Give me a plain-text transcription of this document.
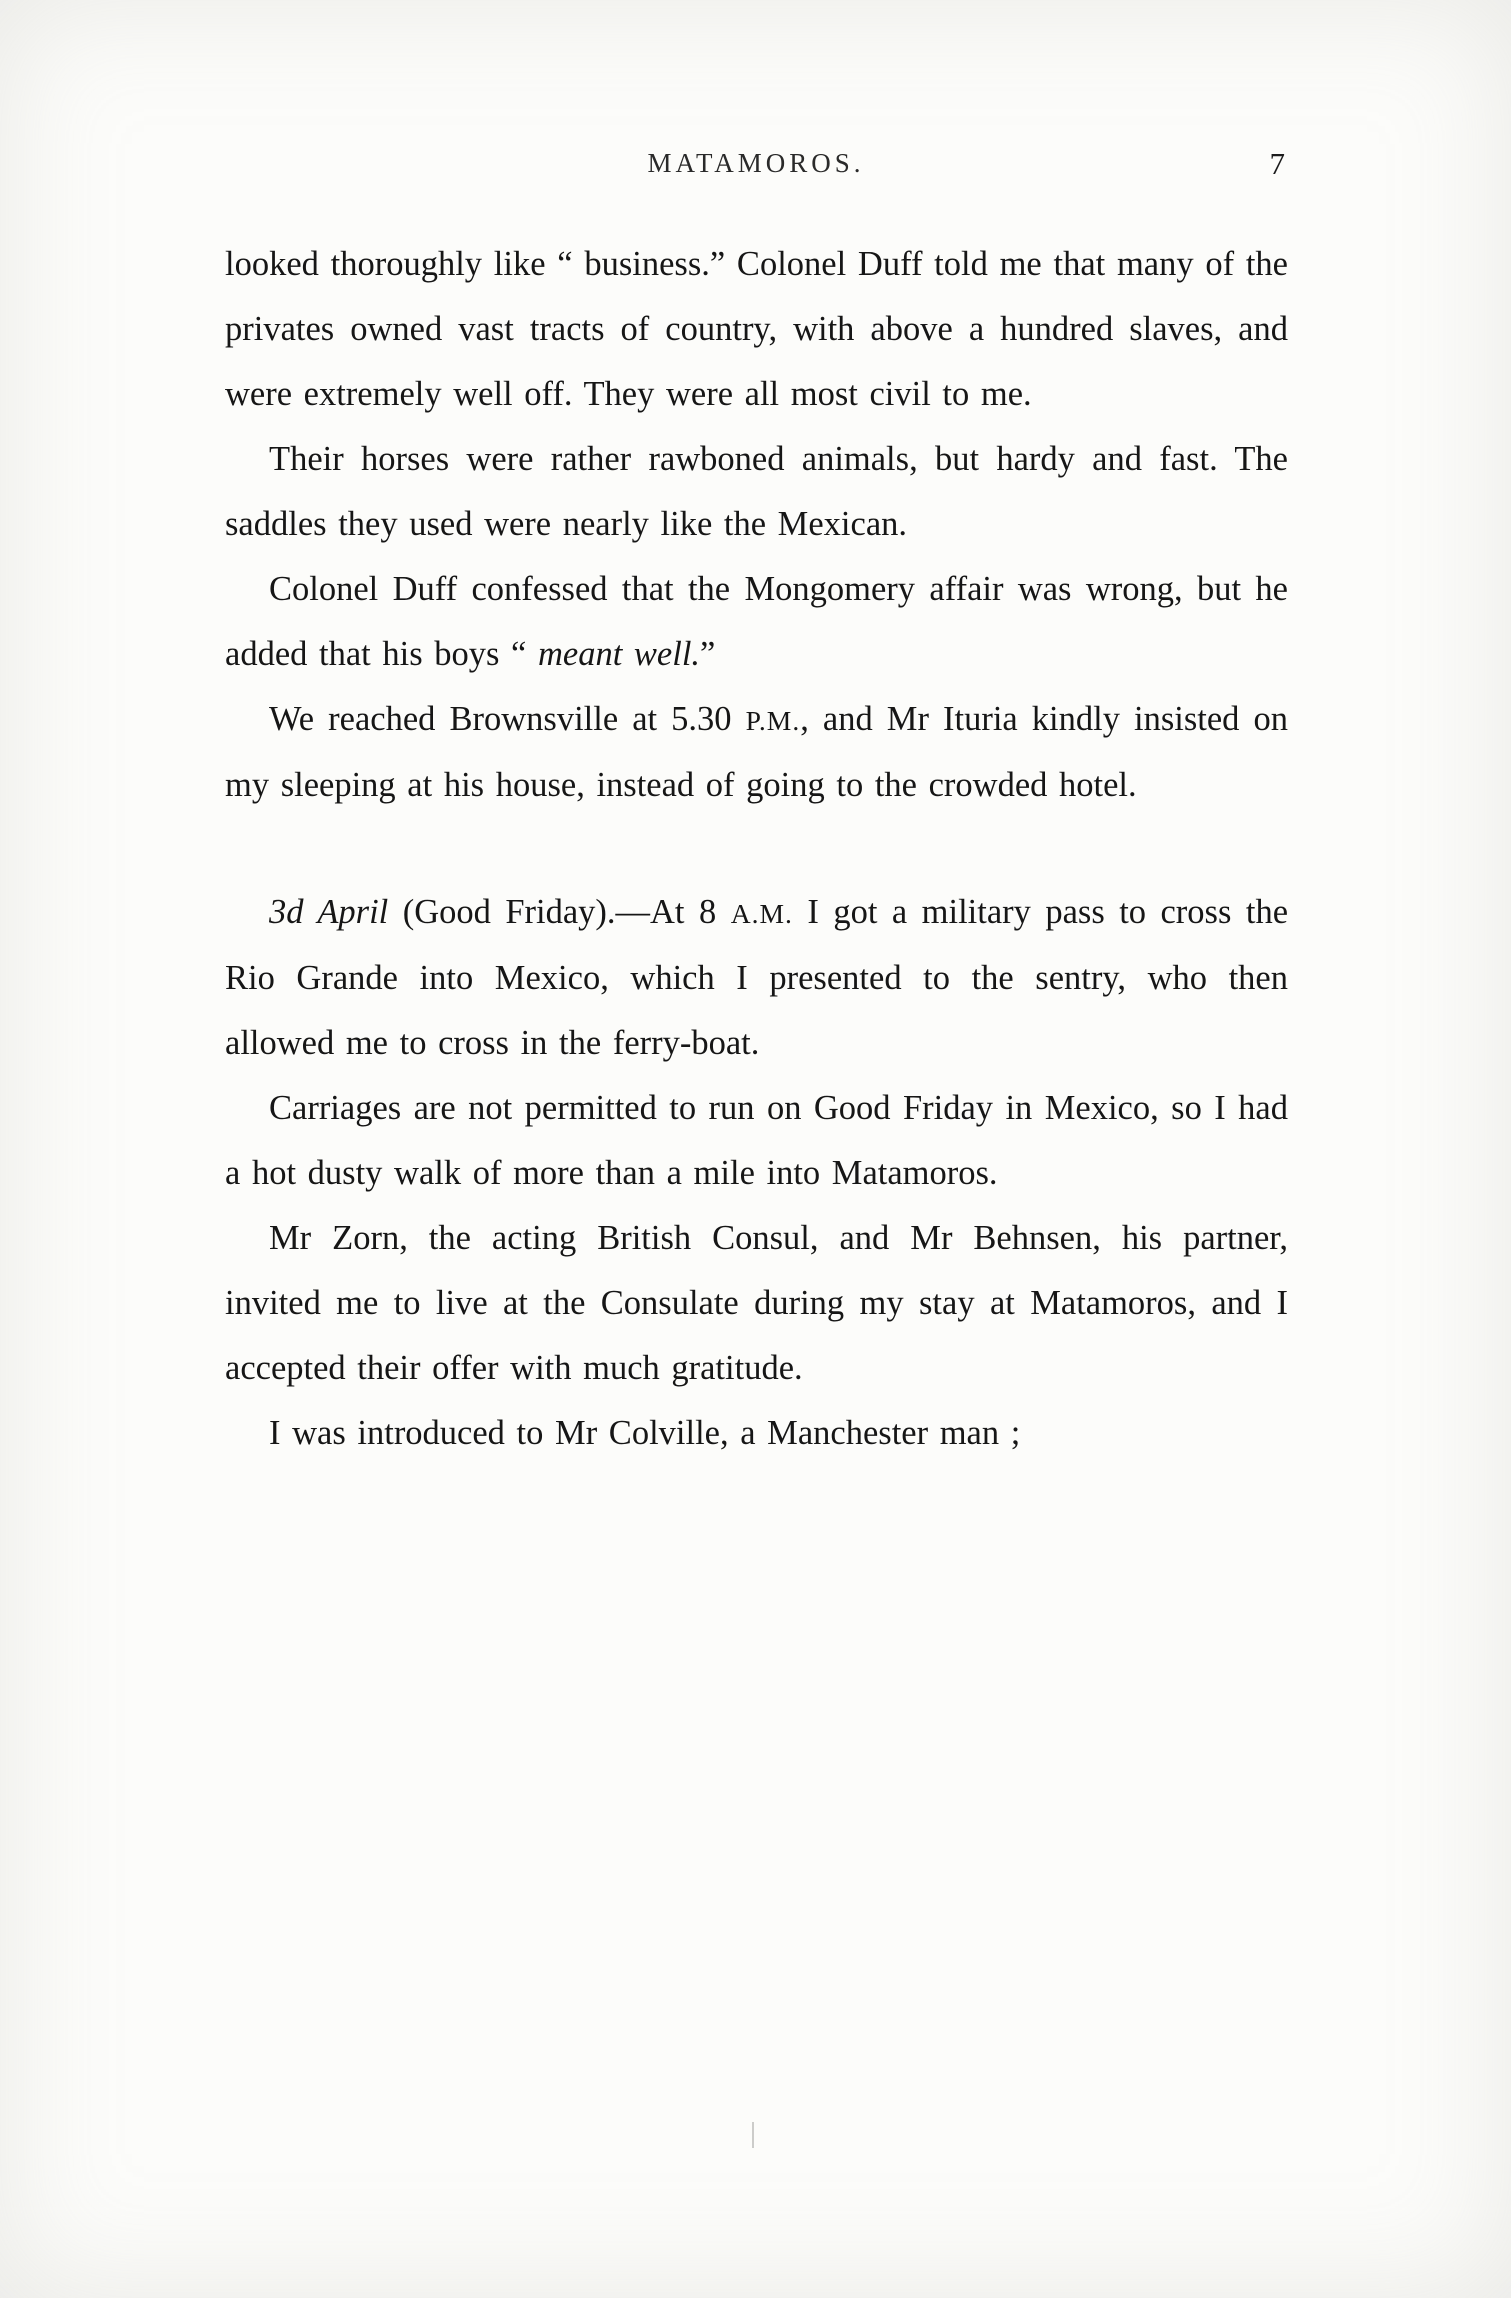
MATAMOROS.	7

looked thoroughly like “ business.” Colonel Duff told me that many of the privates owned vast tracts of country, with above a hundred slaves, and were extremely well off. They were all most civil to me.

Their horses were rather rawboned animals, but hardy and fast. The saddles they used were nearly like the Mexican.

Colonel Duff confessed that the Mongomery affair was wrong, but he added that his boys “ meant well.”

We reached Brownsville at 5.30 P.M., and Mr Ituria kindly insisted on my sleeping at his house, instead of going to the crowded hotel.

3d April (Good Friday).—At 8 A.M. I got a military pass to cross the Rio Grande into Mexico, which I presented to the sentry, who then allowed me to cross in the ferry-boat.

Carriages are not permitted to run on Good Friday in Mexico, so I had a hot dusty walk of more than a mile into Matamoros.

Mr Zorn, the acting British Consul, and Mr Behnsen, his partner, invited me to live at the Consulate during my stay at Matamoros, and I accepted their offer with much gratitude.

I was introduced to Mr Colville, a Manchester man ;
